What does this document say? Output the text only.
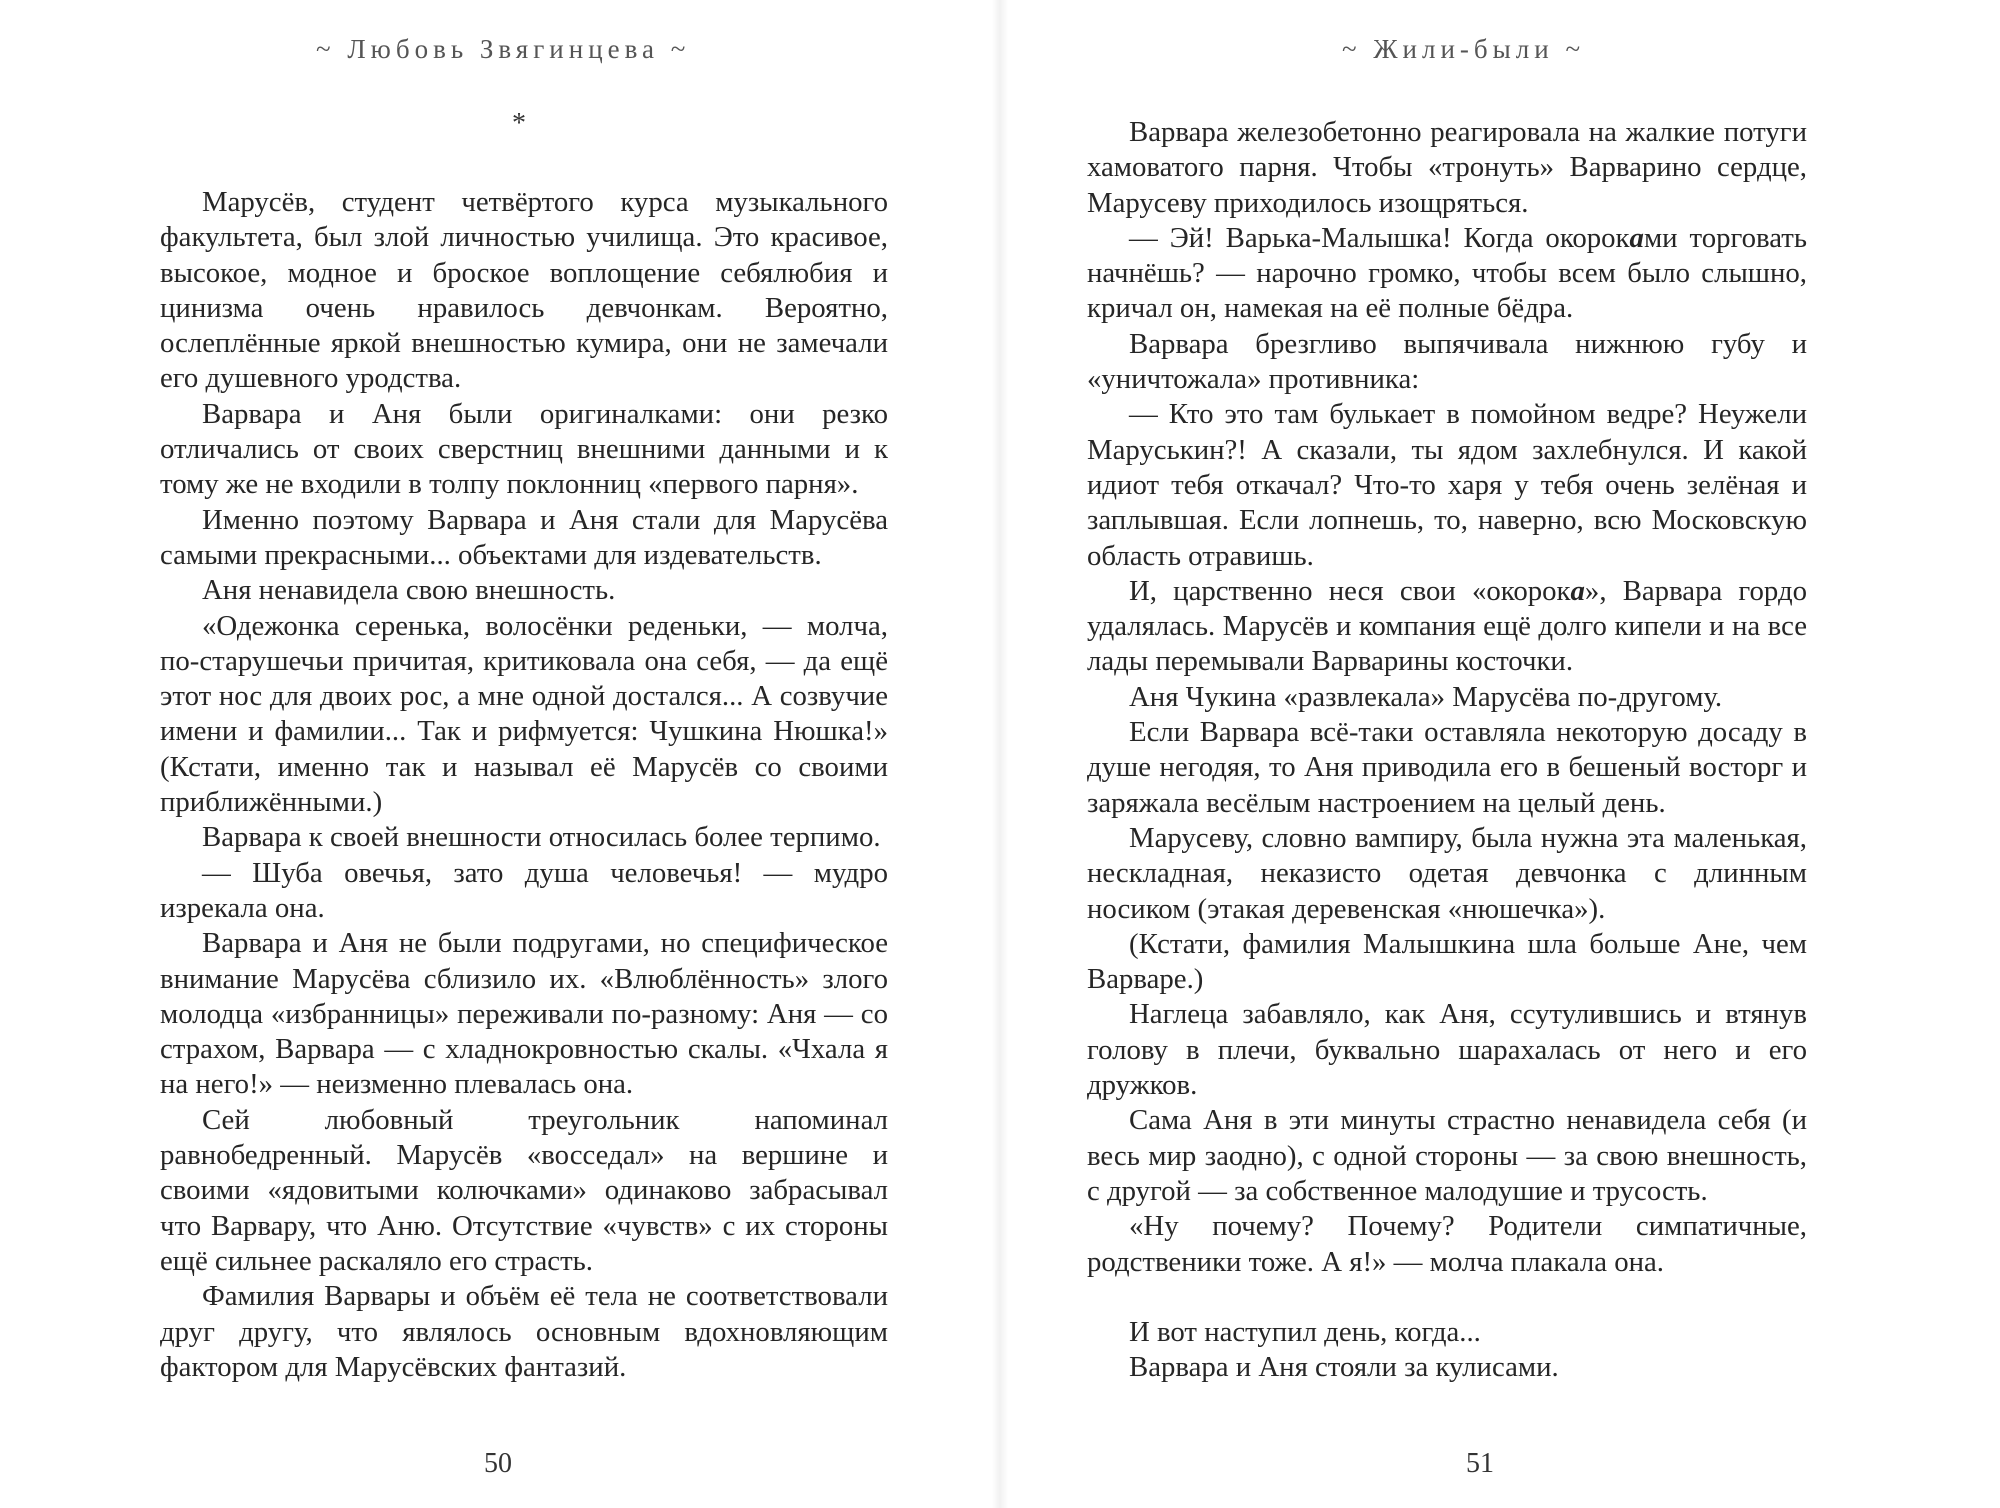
~ Любовь Звягинцева ~
*

Марусёв, студент четвёртого курса музыкального факультета, был злой личностью училища. Это красивое, высокое, модное и броское воплощение себялюбия и цинизма очень нравилось девчонкам. Вероятно, ослеплённые яркой внешностью кумира, они не замечали его душевного уродства.

Варвара и Аня были оригиналками: они резко отличались от своих сверстниц внешними данными и к тому же не входили в толпу поклонниц «первого парня».

Именно поэтому Варвара и Аня стали для Марусёва самыми прекрасными... объектами для издевательств.

Аня ненавидела свою внешность.

«Одежонка серенька, волосёнки реденьки, — молча, по-старушечьи причитая, критиковала она себя, — да ещё этот нос для двоих рос, а мне одной достался... А созвучие имени и фамилии... Так и рифмуется: Чушкина Нюшка!» (Кстати, именно так и называл её Марусёв со своими приближёнными.)

Варвара к своей внешности относилась более терпимо.

— Шуба овечья, зато душа человечья! — мудро изрекала она.

Варвара и Аня не были подругами, но специфическое внимание Марусёва сблизило их. «Влюблённость» злого молодца «избранницы» переживали по-разному: Аня — со страхом, Варвара — с хладнокровностью скалы. «Чхала я на него!» — неизменно плевалась она.

Сей любовный треугольник напоминал равнобедренный. Марусёв «восседал» на вершине и своими «ядовитыми колючками» одинаково забрасывал что Варвару, что Аню. Отсутствие «чувств» с их стороны ещё сильнее раскаляло его страсть.

Фамилия Варвары и объём её тела не соответствовали друг другу, что являлось основным вдохновляющим фактором для Марусёвских фантазий.

50
~ Жили-были ~

Варвара железобетонно реагировала на жалкие потуги хамоватого парня. Чтобы «тронуть» Варварино сердце, Марусеву приходилось изощряться.

— Эй! Варька-Малышка! Когда окороками торговать начнёшь? — нарочно громко, чтобы всем было слышно, кричал он, намекая на её полные бёдра.

Варвара брезгливо выпячивала нижнюю губу и «уничтожала» противника:

— Кто это там булькает в помойном ведре? Неужели Маруськин?! А сказали, ты ядом захлебнулся. И какой идиот тебя откачал? Что-то харя у тебя очень зелёная и заплывшая. Если лопнешь, то, наверно, всю Московскую область отравишь.

И, царственно неся свои «окорока», Варвара гордо удалялась. Марусёв и компания ещё долго кипели и на все лады перемывали Варварины косточки.

Аня Чукина «развлекала» Марусёва по-другому.

Если Варвара всё-таки оставляла некоторую досаду в душе негодяя, то Аня приводила его в бешеный восторг и заряжала весёлым настроением на целый день.

Марусеву, словно вампиру, была нужна эта маленькая, нескладная, неказисто одетая девчонка с длинным носиком (этакая деревенская «нюшечка»).

(Кстати, фамилия Малышкина шла больше Ане, чем Варваре.)

Наглеца забавляло, как Аня, ссутулившись и втянув голову в плечи, буквально шарахалась от него и его дружков.

Сама Аня в эти минуты страстно ненавидела себя (и весь мир заодно), с одной стороны — за свою внешность, с другой — за собственное малодушие и трусость.

«Ну почему? Почему? Родители симпатичные, родственики тоже. А я!» — молча плакала она.

И вот наступил день, когда...

Варвара и Аня стояли за кулисами.

51
